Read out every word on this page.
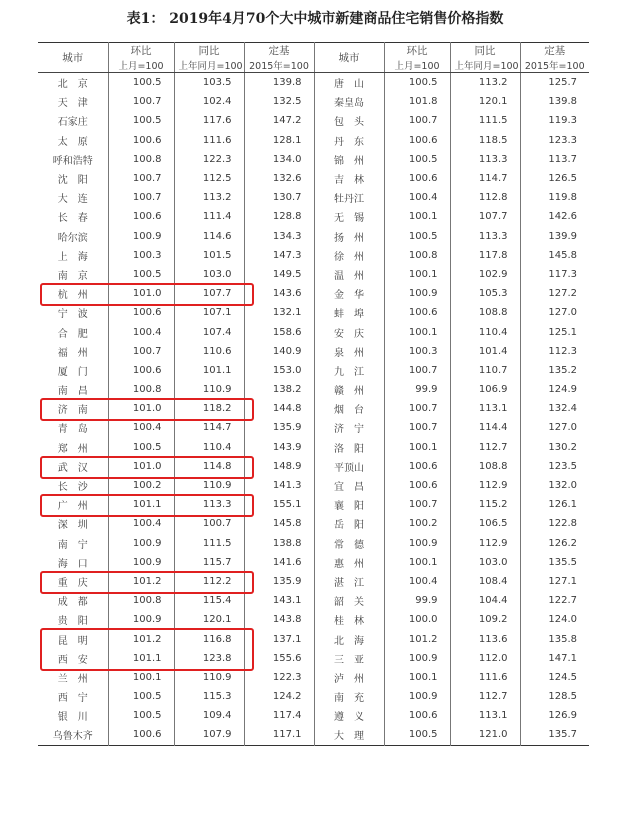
表1： 2019年4月70个大中城市新建商品住宅销售价格指数
城市	环比	同比	定基	城市	环比	同比	定基
	上月=100	上年同月=100	2015年=100		上月=100	上年同月=100	2015年=100
北　京	100.5	103.5	139.8	唐　山	100.5	113.2	125.7
天　津	100.7	102.4	132.5	秦皇岛	101.8	120.1	139.8
石家庄	100.5	117.6	147.2	包　头	100.7	111.5	119.3
太　原	100.6	111.6	128.1	丹　东	100.6	118.5	123.3
呼和浩特	100.8	122.3	134.0	锦　州	100.5	113.3	113.7
沈　阳	100.7	112.5	132.6	吉　林	100.6	114.7	126.5
大　连	100.7	113.2	130.7	牡丹江	100.4	112.8	119.8
长　春	100.6	111.4	128.8	无　锡	100.1	107.7	142.6
哈尔滨	100.9	114.6	134.3	扬　州	100.5	113.3	139.9
上　海	100.3	101.5	147.3	徐　州	100.8	117.8	145.8
南　京	100.5	103.0	149.5	温　州	100.1	102.9	117.3
杭　州	101.0	107.7	143.6	金　华	100.9	105.3	127.2
宁　波	100.6	107.1	132.1	蚌　埠	100.6	108.8	127.0
合　肥	100.4	107.4	158.6	安　庆	100.1	110.4	125.1
福　州	100.7	110.6	140.9	泉　州	100.3	101.4	112.3
厦　门	100.6	101.1	153.0	九　江	100.7	110.7	135.2
南　昌	100.8	110.9	138.2	赣　州	99.9	106.9	124.9
济　南	101.0	118.2	144.8	烟　台	100.7	113.1	132.4
青　岛	100.4	114.7	135.9	济　宁	100.7	114.4	127.0
郑　州	100.5	110.4	143.9	洛　阳	100.1	112.7	130.2
武　汉	101.0	114.8	148.9	平顶山	100.6	108.8	123.5
长　沙	100.2	110.9	141.3	宜　昌	100.6	112.9	132.0
广　州	101.1	113.3	155.1	襄　阳	100.7	115.2	126.1
深　圳	100.4	100.7	145.8	岳　阳	100.2	106.5	122.8
南　宁	100.9	111.5	138.8	常　德	100.9	112.9	126.2
海　口	100.9	115.7	141.6	惠　州	100.1	103.0	135.5
重　庆	101.2	112.2	135.9	湛　江	100.4	108.4	127.1
成　都	100.8	115.4	143.1	韶　关	99.9	104.4	122.7
贵　阳	100.9	120.1	143.8	桂　林	100.0	109.2	124.0
昆　明	101.2	116.8	137.1	北　海	101.2	113.6	135.8
西　安	101.1	123.8	155.6	三　亚	100.9	112.0	147.1
兰　州	100.1	110.9	122.3	泸　州	100.1	111.6	124.5
西　宁	100.5	115.3	124.2	南　充	100.9	112.7	128.5
银　川	100.5	109.4	117.4	遵　义	100.6	113.1	126.9
乌鲁木齐	100.6	107.9	117.1	大　理	100.5	121.0	135.7
